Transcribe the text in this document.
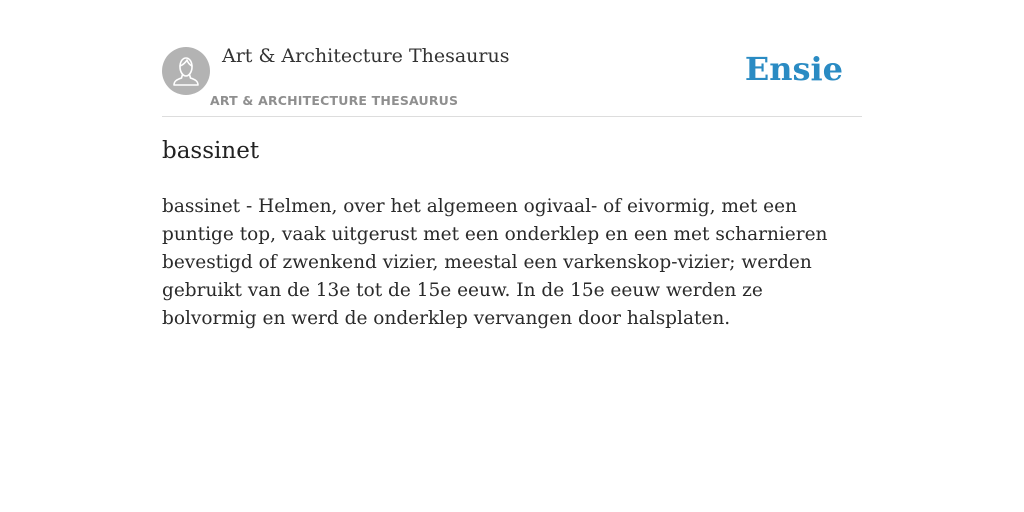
Art & Architecture Thesaurus
ART & ARCHITECTURE THESAURUS
Ensie
bassinet

bassinet - Helmen, over het algemeen ogivaal- of eivormig, met een puntige top, vaak uitgerust met een onderklep en een met scharnieren bevestigd of zwenkend vizier, meestal een varkenskop-vizier; werden gebruikt van de 13e tot de 15e eeuw. In de 15e eeuw werden ze bolvormig en werd de onderklep vervangen door halsplaten.
